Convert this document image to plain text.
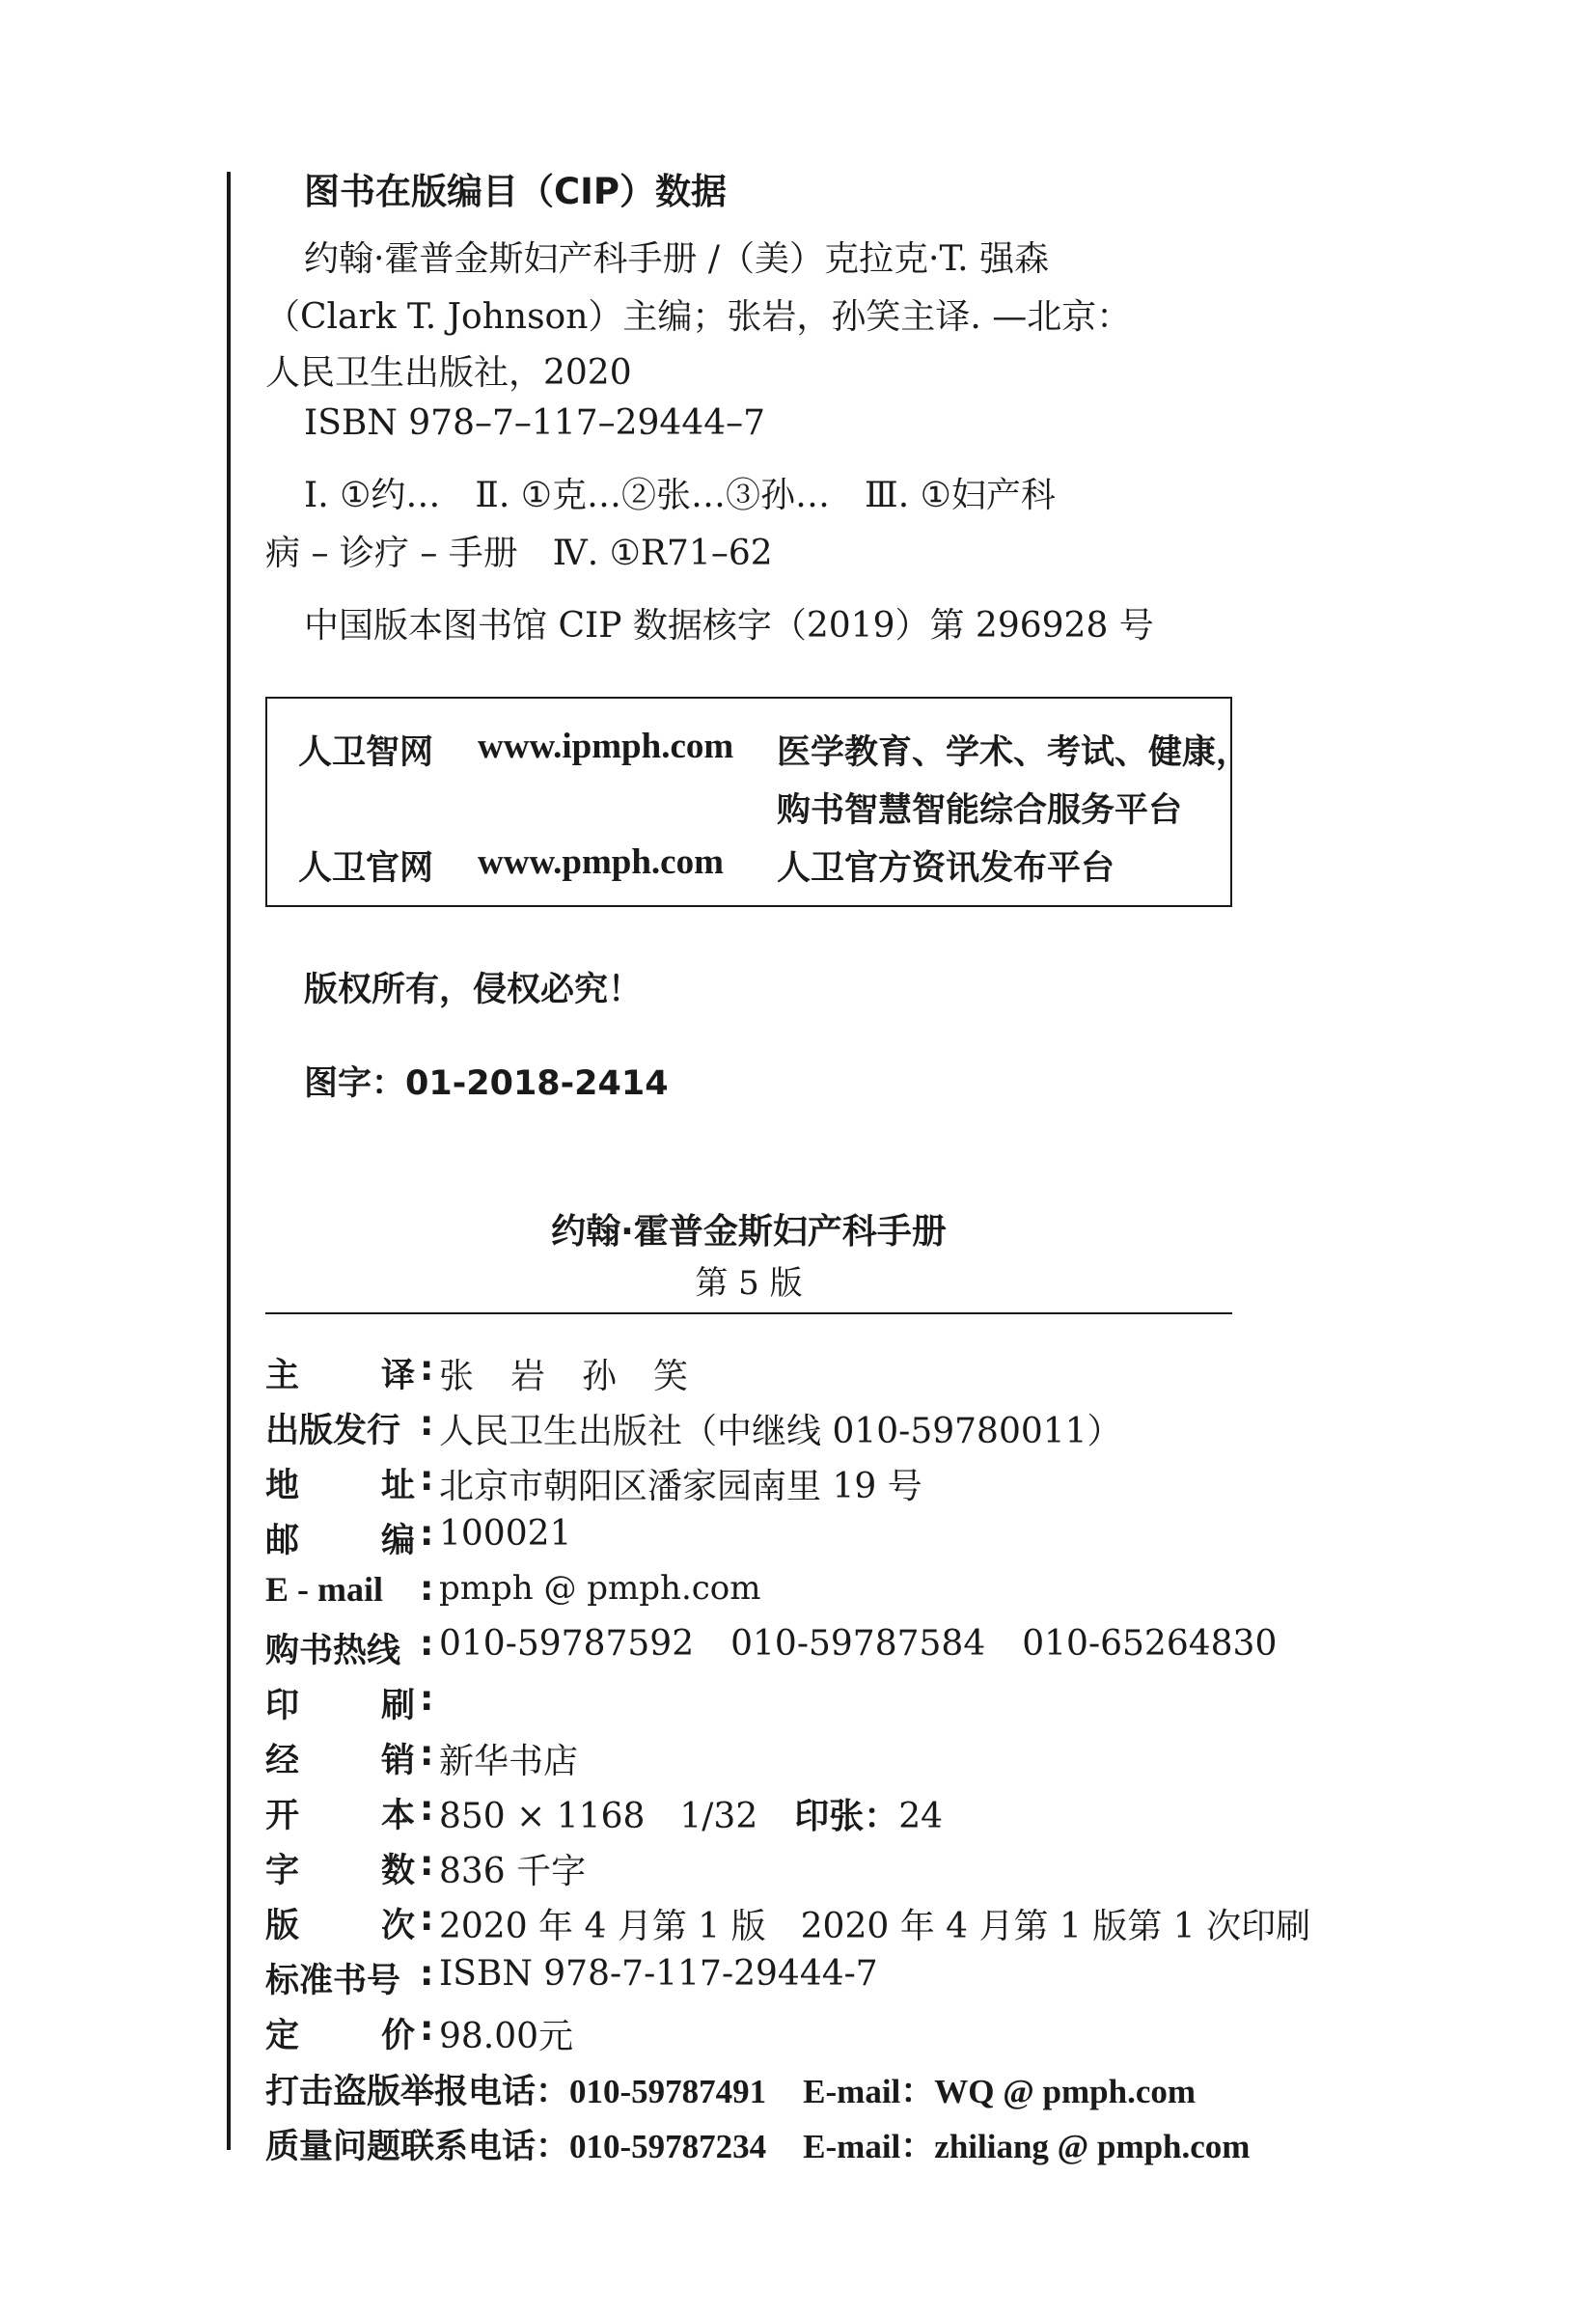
图书在版编目（CIP）数据
约翰·霍普金斯妇产科手册 /（美）克拉克·T. 强森
（Clark T. Johnson）主编；张岩，孙笑主译. —北京：
人民卫生出版社，2020
ISBN 978–7–117–29444–7
Ⅰ. ①约…　Ⅱ. ①克…②张…③孙…　Ⅲ. ①妇产科
病 – 诊疗 – 手册　Ⅳ. ①R71–62
中国版本图书馆 CIP 数据核字（2019）第 296928 号
人卫智网 www.ipmph.com 医学教育、学术、考试、健康，
购书智慧智能综合服务平台
人卫官网 www.pmph.com 人卫官方资讯发布平台
版权所有，侵权必究！
图字：01-2018-2414
约翰·霍普金斯妇产科手册
第 5 版
主 译 : 张 岩 孙 笑
出版发行 : 人民卫生出版社（中继线 010-59780011）
地 址 : 北京市朝阳区潘家园南里 19 号
邮 编 : 100021
E - mail	: pmph @ pmph.com
购书热线 : 010-59787592 010-59787584 010-65264830
印 刷 :
经 销 : 新华书店
开 本 : 850 × 1168　1/32 印张：24
字 数 : 836 千字
版 次 : 2020 年 4 月第 1 版　2020 年 4 月第 1 版第 1 次印刷
标准书号 : ISBN 978-7-117-29444-7
定 价 : 98.00元
打击盗版举报电话：010-59787491 E-mail：WQ @ pmph.com
质量问题联系电话：010-59787234 E-mail：zhiliang @ pmph.com
